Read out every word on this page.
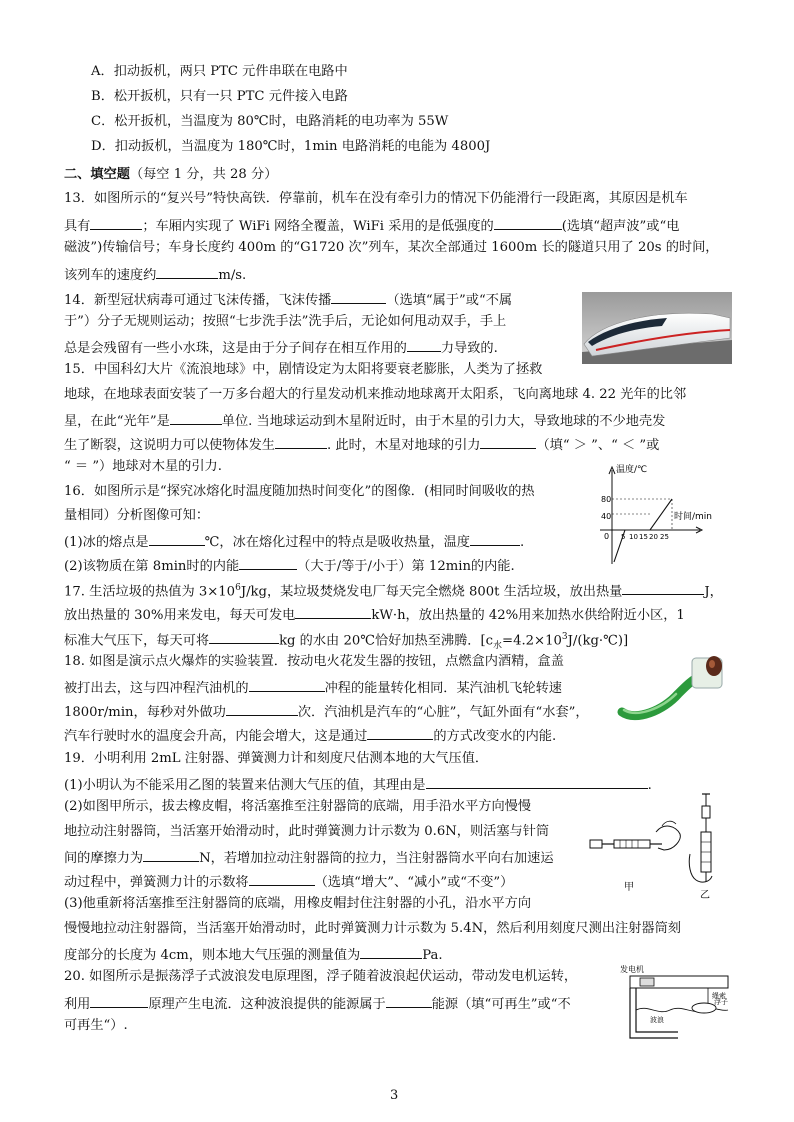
A．扣动扳机，两只 PTC 元件串联在电路中
B．松开扳机，只有一只 PTC 元件接入电路
C．松开扳机，当温度为 80℃时，电路消耗的电功率为 55W
D．扣动扳机，当温度为 180℃时，1min 电路消耗的电能为 4800J
二、填空题（每空 1 分，共 28 分）
13．如图所示的“复兴号”特快高铁．停靠前，机车在没有牵引力的情况下仍能滑行一段距离，其原因是机车
具有	；车厢内实现了 WiFi 网络全覆盖，WiFi 采用的是低强度的	(选填“超声波”或“电
磁波”)传输信号；车身长度约 400m 的“G1720 次”列车，某次全部通过 1600m 长的隧道只用了 20s 的时间，
该列车的速度约	m/s.
14．新型冠状病毒可通过飞沫传播，飞沫传播	（选填“属于”或“不属
于”）分子无规则运动；按照“七步洗手法”洗手后，无论如何甩动双手，手上
总是会残留有一些小水珠，这是由于分子间存在相互作用的	力导致的.
15．中国科幻大片《流浪地球》中，剧情设定为太阳将要衰老膨胀，人类为了拯救
地球，在地球表面安装了一万多台超大的行星发动机来推动地球离开太阳系，飞向离地球 4. 22 光年的比邻
星，在此“光年”是	单位. 当地球运动到木星附近时，由于木星的引力大，导致地球的不少地壳发
生了断裂，这说明力可以使物体发生	. 此时，木星对地球的引力	（填“ ＞ ”、“ ＜ ”或
“ ＝ ”）地球对木星的引力.
16．如图所示是“探究冰熔化时温度随加热时间变化”的图像．(相同时间吸收的热
量相同）分析图像可知：
(1)冰的熔点是	℃，冰在熔化过程中的特点是吸收热量，温度	.
(2)该物质在第 8min时的内能	（大于/等于/小于）第 12min的内能.
温度/℃
时间/min
80
40
0 5 10 15 20 25
17. 生活垃圾的热值为 $3\times 10^6J/kg$，某垃圾焚烧发电厂每天完全燃烧 800t 生活垃圾，放出热量	J，
放出热量的 30%用来发电，每天可发电	kW·h，放出热量的 42%用来加热水供给附近小区，1
标准大气压下，每天可将	kg 的水由 20℃恰好加热至沸腾．$[c_水=4.2\times 10^3J/(kg\cdot℃)]$
18. 如图是演示点火爆炸的实验装置．按动电火花发生器的按钮，点燃盒内酒精，盒盖
被打出去，这与四冲程汽油机的	冲程的能量转化相同．某汽油机飞轮转速
1800r/min，每秒对外做功	次．汽油机是汽车的“心脏”，气缸外面有“水套”，
汽车行驶时水的温度会升高，内能会增大，这是通过	的方式改变水的内能.
19．小明利用 2mL 注射器、弹簧测力计和刻度尺估测本地的大气压值．
(1)小明认为不能采用乙图的装置来估测大气压的值，其理由是	.
(2)如图甲所示，拔去橡皮帽，将活塞推至注射器筒的底端，用手沿水平方向慢慢
地拉动注射器筒，当活塞开始滑动时，此时弹簧测力计示数为 0.6N，则活塞与针筒
间的摩擦力为	N，若增加拉动注射器筒的拉力，当注射器筒水平向右加速运
动过程中，弹簧测力计的示数将	（选填“增大”、“减小”或“不变”）
(3)他重新将活塞推至注射器筒的底端，用橡皮帽封住注射器的小孔，沿水平方向
慢慢地拉动注射器筒，当活塞开始滑动时，此时弹簧测力计示数为 5.4N，然后利用刻度尺测出注射器筒刻
度部分的长度为 4cm，则本地大气压强的测量值为	Pa.
甲
乙
20. 如图所示是振荡浮子式波浪发电原理图，浮子随着波浪起伏运动，带动发电机运转，
利用	原理产生电流．这种波浪提供的能源属于	能源（填“可再生”或“不
可再生“）.
发电机
绳索
波浪
浮子
3
